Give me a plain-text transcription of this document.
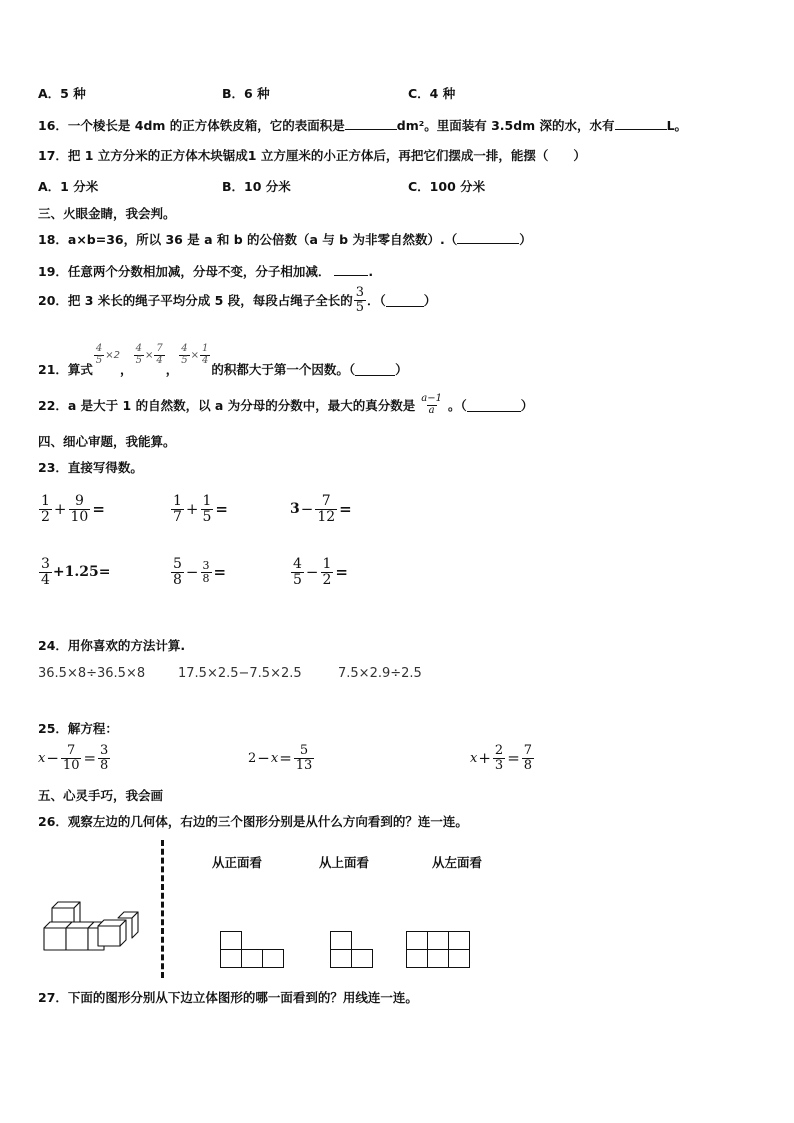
A．5 种	B．6 种	C．4 种
16．一个棱长是 4dm 的正方体铁皮箱，它的表面积是	dm²。里面装有 3.5dm 深的水，水有	L。
17．把 1 立方分米的正方体木块锯成1 立方厘米的小正方体后，再把它们摆成一排，能摆（　　）
A．1 分米	B．10 分米	C．100 分米
三、火眼金睛，我会判。
18．a×b=36，所以 36 是 a 和 b 的公倍数（a 与 b 为非零自然数）.（	）
19．任意两个分数相加减，分母不变，分子相加减．	.
20．把 3 米长的绳子平均分成 5 段，每段占绳子全长的 $\frac{3}{5}$ ．（	）
21．算式
$\frac{4}{5} \times 2$
，
$\frac{4}{5} \times \frac{7}{4}$
，
$\frac{4}{5} \times \frac{1}{4}$
的积都大于第一个因数。（	）
22．a 是大于 1 的自然数，以 a 为分母的分数中，最大的真分数是 $\frac{a-1}{a}$ 。（	）
四、细心审题，我能算。
23．直接写得数。
$\frac{1}{2} + \frac{9}{10}$ =	$\frac{1}{7} + \frac{1}{5}$ =	$3 - \frac{7}{12}$ =
$\frac{3}{4} +1.25=$	$\frac{5}{8} - \frac{3}{8}$ =	$\frac{4}{5} - \frac{1}{2}$ =
24．用你喜欢的方法计算.
36.5×8÷36.5×8	17.5×2.5−7.5×2.5	7.5×2.9÷2.5
25．解方程：
$x - \frac{7}{10} = \frac{3}{8}$	$2 - x = \frac{5}{13}$	$x + \frac{2}{3} = \frac{7}{8}$
五、心灵手巧，我会画
26．观察左边的几何体，右边的三个图形分别是从什么方向看到的？连一连。
从正面看	从上面看	从左面看
27．下面的图形分别从下边立体图形的哪一面看到的？用线连一连。
